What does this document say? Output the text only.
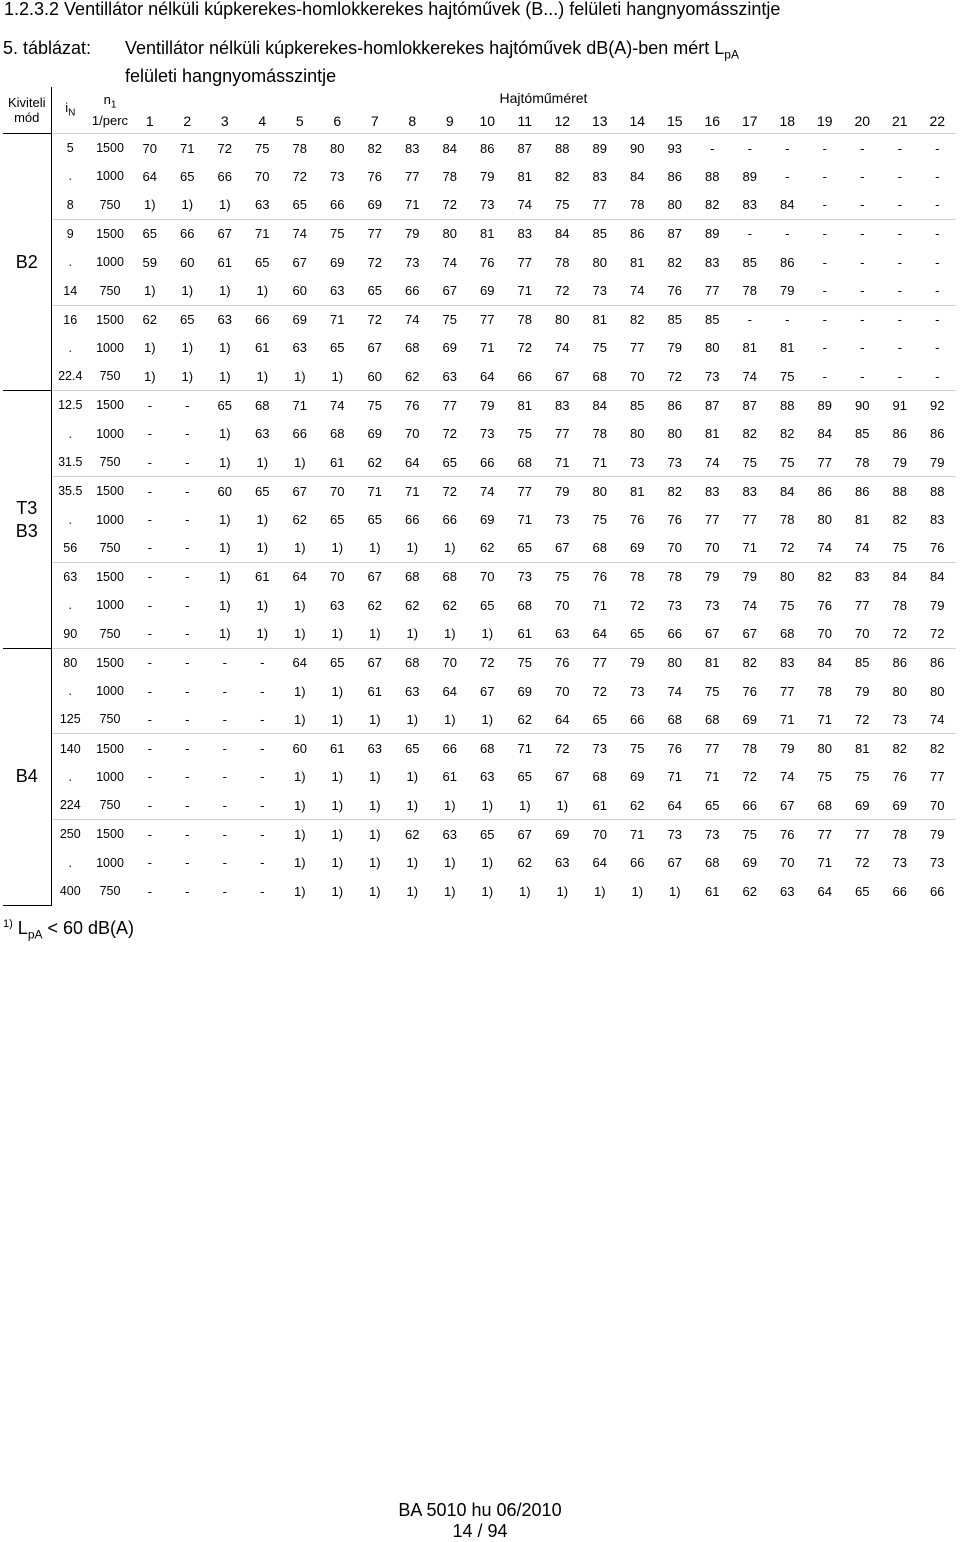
1.2.3.2 Ventillátor nélküli kúpkerekes-homlokkerekes hajtóművek (B...) felületi hangnyomásszintje
5. táblázat: Ventillátor nélküli kúpkerekes-homlokkerekes hajtóművek dB(A)-ben mért $L_{pA}$
felületi hangnyomásszintje
Kiviteli
mód	$i_N$	$n_1$
1/perc	Hajtóműméret																					
			1	2	3	4	5	6	7	8	9	10	11	12	13	14	15	16	17	18	19	20	21	22
B2	5	1500	70	71	72	75	78	80	82	83	84	86	87	88	89	90	93	-	-	-	-	-	-	-
	.	1000	64	65	66	70	72	73	76	77	78	79	81	82	83	84	86	88	89	-	-	-	-	-
	8	750	1)	1)	1)	63	65	66	69	71	72	73	74	75	77	78	80	82	83	84	-	-	-	-
	9	1500	65	66	67	71	74	75	77	79	80	81	83	84	85	86	87	89	-	-	-	-	-	-
	.	1000	59	60	61	65	67	69	72	73	74	76	77	78	80	81	82	83	85	86	-	-	-	-
	14	750	1)	1)	1)	1)	60	63	65	66	67	69	71	72	73	74	76	77	78	79	-	-	-	-
	16	1500	62	65	63	66	69	71	72	74	75	77	78	80	81	82	85	85	-	-	-	-	-	-
	.	1000	1)	1)	1)	61	63	65	67	68	69	71	72	74	75	77	79	80	81	81	-	-	-	-
	22.4	750	1)	1)	1)	1)	1)	1)	60	62	63	64	66	67	68	70	72	73	74	75	-	-	-	-
T3
B3	12.5	1500	-	-	65	68	71	74	75	76	77	79	81	83	84	85	86	87	87	88	89	90	91	92
	.	1000	-	-	1)	63	66	68	69	70	72	73	75	77	78	80	80	81	82	82	84	85	86	86
	31.5	750	-	-	1)	1)	1)	61	62	64	65	66	68	71	71	73	73	74	75	75	77	78	79	79
	35.5	1500	-	-	60	65	67	70	71	71	72	74	77	79	80	81	82	83	83	84	86	86	88	88
	.	1000	-	-	1)	1)	62	65	65	66	66	69	71	73	75	76	76	77	77	78	80	81	82	83
	56	750	-	-	1)	1)	1)	1)	1)	1)	1)	62	65	67	68	69	70	70	71	72	74	74	75	76
	63	1500	-	-	1)	61	64	70	67	68	68	70	73	75	76	78	78	79	79	80	82	83	84	84
	.	1000	-	-	1)	1)	1)	63	62	62	62	65	68	70	71	72	73	73	74	75	76	77	78	79
	90	750	-	-	1)	1)	1)	1)	1)	1)	1)	1)	61	63	64	65	66	67	67	68	70	70	72	72
B4	80	1500	-	-	-	-	64	65	67	68	70	72	75	76	77	79	80	81	82	83	84	85	86	86
	.	1000	-	-	-	-	1)	1)	61	63	64	67	69	70	72	73	74	75	76	77	78	79	80	80
	125	750	-	-	-	-	1)	1)	1)	1)	1)	1)	62	64	65	66	68	68	69	71	71	72	73	74
	140	1500	-	-	-	-	60	61	63	65	66	68	71	72	73	75	76	77	78	79	80	81	82	82
	.	1000	-	-	-	-	1)	1)	1)	1)	61	63	65	67	68	69	71	71	72	74	75	75	76	77
	224	750	-	-	-	-	1)	1)	1)	1)	1)	1)	1)	1)	61	62	64	65	66	67	68	69	69	70
	250	1500	-	-	-	-	1)	1)	1)	62	63	65	67	69	70	71	73	73	75	76	77	77	78	79
	.	1000	-	-	-	-	1)	1)	1)	1)	1)	1)	62	63	64	66	67	68	69	70	71	72	73	73
	400	750	-	-	-	-	1)	1)	1)	1)	1)	1)	1)	1)	1)	1)	1)	61	62	63	64	65	66	66
$^{1)}$ $L_{pA} < 60$ dB(A)
BA 5010 hu 06/2010
14 / 94
